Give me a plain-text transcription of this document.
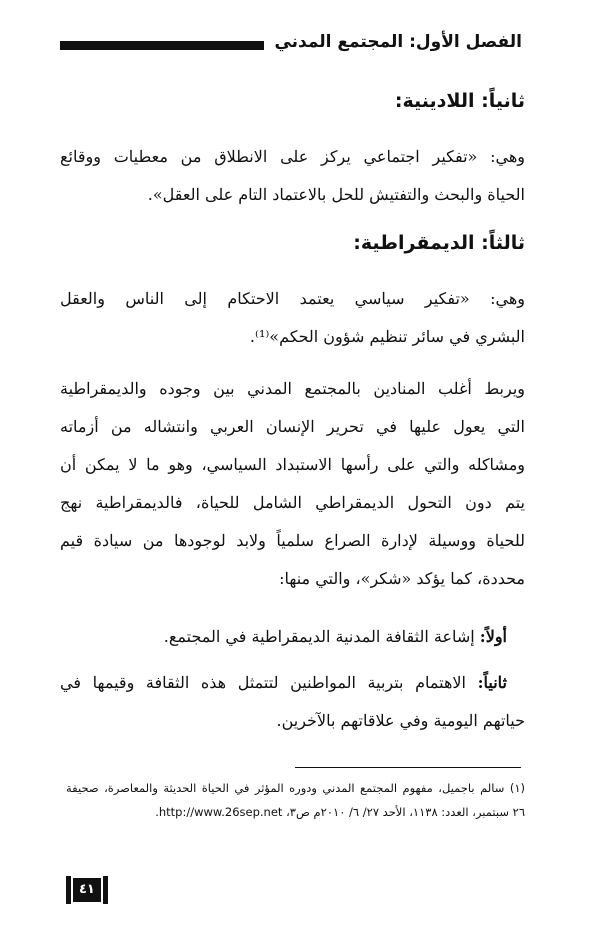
الفصل الأول: المجتمع المدني
ثانياً: اللادينية:
وهي: «تفكير اجتماعي يركز على الانطلاق من معطيات ووقائع
الحياة والبحث والتفتيش للحل بالاعتماد التام على العقل».
ثالثاً: الديمقراطية:
وهي: «تفكير سياسي يعتمد الاحتكام إلى الناس والعقل
البشري في سائر تنظيم شؤون الحكم»⁽¹⁾.
ويربط أغلب المنادين بالمجتمع المدني بين وجوده والديمقراطية
التي يعول عليها في تحرير الإنسان العربي وانتشاله من أزماته
ومشاكله والتي على رأسها الاستبداد السياسي، وهو ما لا يمكن أن
يتم دون التحول الديمقراطي الشامل للحياة، فالديمقراطية نهج
للحياة ووسيلة لإدارة الصراع سلمياً ولابد لوجودها من سيادة قيم
محددة، كما يؤكد «شكر»، والتي منها:
أولاً: إشاعة الثقافة المدنية الديمقراطية في المجتمع.
ثانياً: الاهتمام بتربية المواطنين لتتمثل هذه الثقافة وقيمها في
حياتهم اليومية وفي علاقاتهم بالآخرين.
(١) سالم باجميل، مفهوم المجتمع المدني ودوره المؤثر في الحياة الحديثة والمعاصرة، صحيفة
٢٦ سبتمبر، العدد: ١١٣٨، الأحد ٢٧/ ٦/ ٢٠١٠م ص٣، http://www.26sep.net.
٤١
